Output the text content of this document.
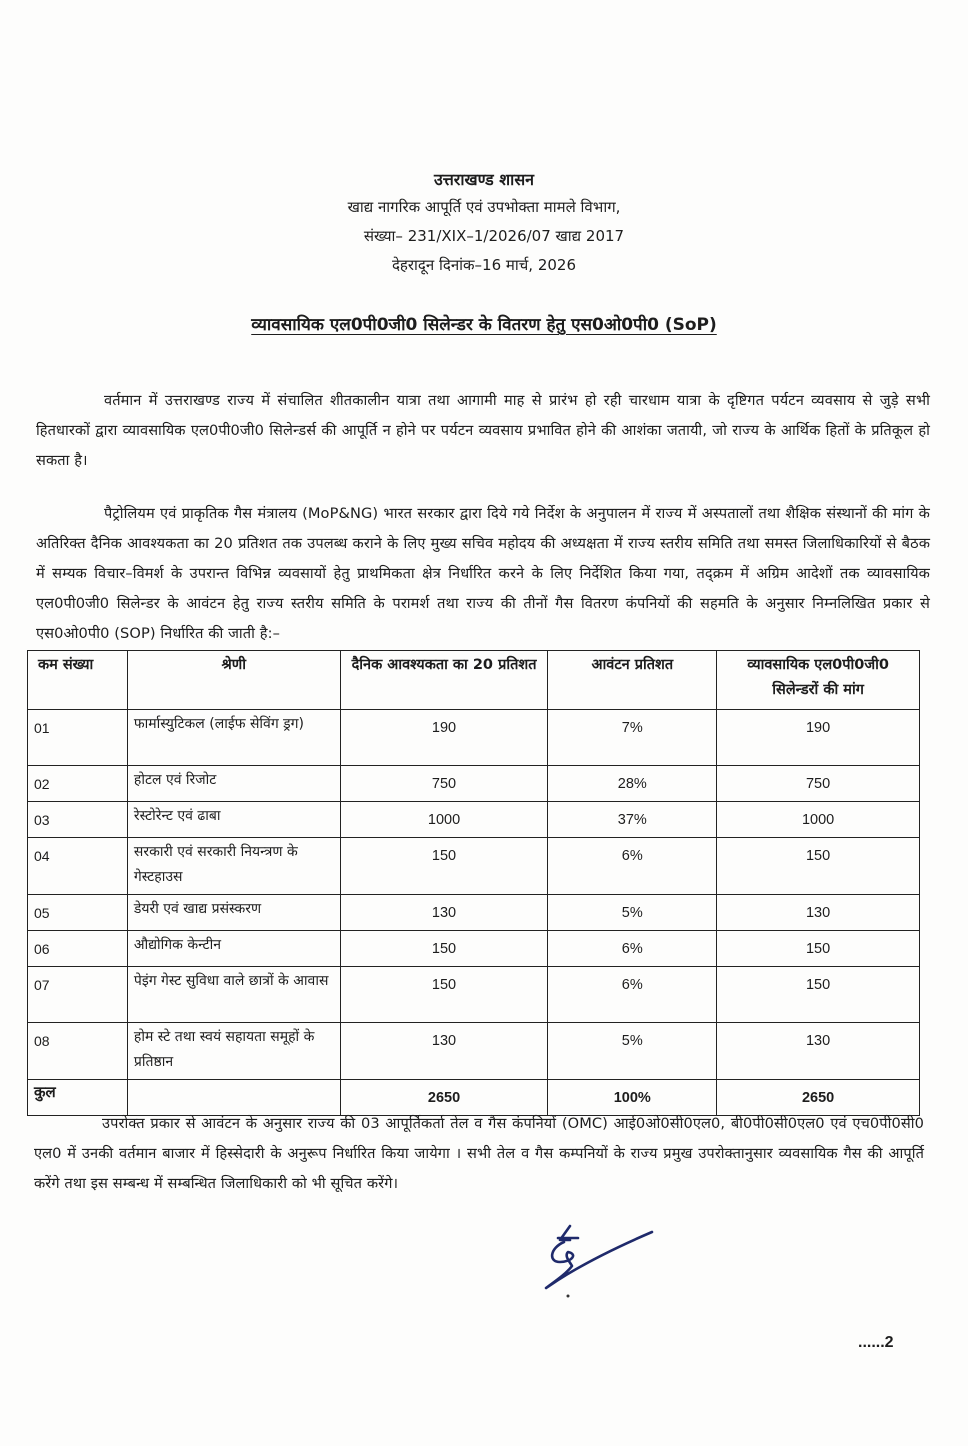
उत्तराखण्ड शासन
खाद्य नागरिक आपूर्ति एवं उपभोक्ता मामले विभाग,
संख्या– 231/XIX–1/2026/07 खाद्य 2017
देहरादून दिनांक–16 मार्च, 2026
व्यावसायिक एल0पी0जी0 सिलेन्डर के वितरण हेतु एस0ओ0पी0 (SoP)

वर्तमान में उत्तराखण्ड राज्य में संचालित शीतकालीन यात्रा तथा आगामी माह से प्रारंभ हो रही चारधाम यात्रा के दृष्टिगत पर्यटन व्यवसाय से जुड़े सभी हितधारकों द्वारा व्यावसायिक एल0पी0जी0 सिलेन्डर्स की आपूर्ति न होने पर पर्यटन व्यवसाय प्रभावित होने की आशंका जतायी, जो राज्य के आर्थिक हितों के प्रतिकूल हो सकता है।

पैट्रोलियम एवं प्राकृतिक गैस मंत्रालय (MoP&NG) भारत सरकार द्वारा दिये गये निर्देश के अनुपालन में राज्य में अस्पतालों तथा शैक्षिक संस्थानों की मांग के अतिरिक्त दैनिक आवश्यकता का 20 प्रतिशत तक उपलब्ध कराने के लिए मुख्य सचिव महोदय की अध्यक्षता में राज्य स्तरीय समिति तथा समस्त जिलाधिकारियों से बैठक में सम्यक विचार–विमर्श के उपरान्त विभिन्न व्यवसायों हेतु प्राथमिकता क्षेत्र निर्धारित करने के लिए निर्देशित किया गया, तद्क्रम में अग्रिम आदेशों तक व्यावसायिक एल0पी0जी0 सिलेन्डर के आवंटन हेतु राज्य स्तरीय समिति के परामर्श तथा राज्य की तीनों गैस वितरण कंपनियों की सहमति के अनुसार निम्नलिखित प्रकार से एस0ओ0पी0 (SOP) निर्धारित की जाती है:–

कम संख्या	श्रेणी	दैनिक आवश्यकता का 20 प्रतिशत	आवंटन प्रतिशत	व्यावसायिक एल0पी0जी0 सिलेन्डरों की मांग
01	फार्मास्युटिकल (लाईफ सेविंग ड्रग)	190	7%	190
02	होटल एवं रिजोट	750	28%	750
03	रेस्टोरेन्ट एवं ढाबा	1000	37%	1000
04	सरकारी एवं सरकारी नियन्त्रण के गेस्टहाउस	150	6%	150
05	डेयरी एवं खाद्य प्रसंस्करण	130	5%	130
06	औद्योगिक केन्टीन	150	6%	150
07	पेइंग गेस्ट सुविधा वाले छात्रों के आवास	150	6%	150
08	होम स्टे तथा स्वयं सहायता समूहों के प्रतिष्ठान	130	5%	130
कुल		2650	100%	2650

उपरोक्त प्रकार से आवंटन के अनुसार राज्य की 03 आपूर्तिकर्ता तेल व गैस कंपनियों (OMC) आई0ओ0सी0एल0, बी0पी0सी0एल0 एवं एच0पी0सी0 एल0 में उनकी वर्तमान बाजार में हिस्सेदारी के अनुरूप निर्धारित किया जायेगा । सभी तेल व गैस कम्पनियों के राज्य प्रमुख उपरोक्तानुसार व्यवसायिक गैस की आपूर्ति करेंगे तथा इस सम्बन्ध में सम्बन्धित जिलाधिकारी को भी सूचित करेंगे।

......2
